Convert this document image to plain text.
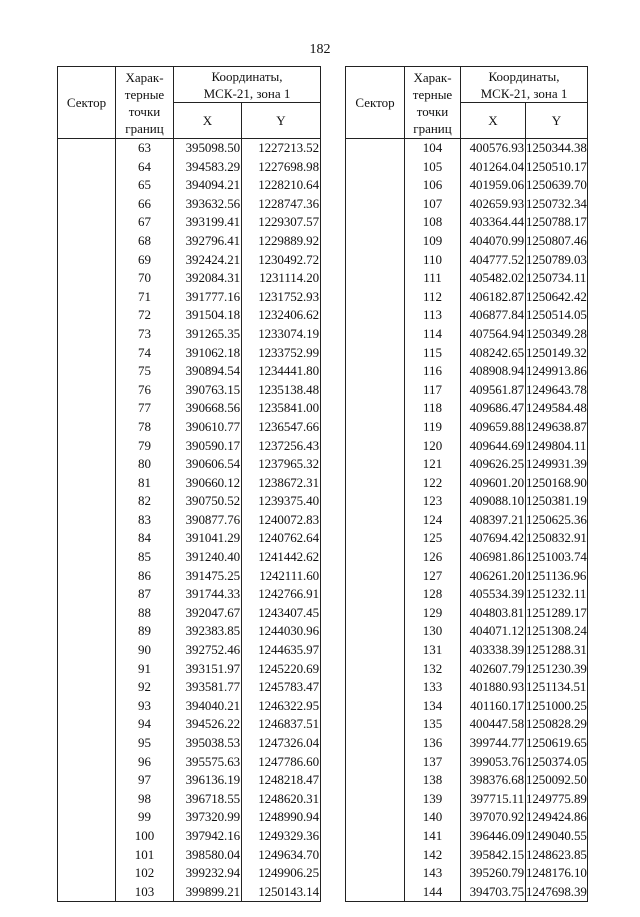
182
Сектор	Харак-
терные
точки
границ	Координаты,
МСК-21, зона 1	
		X	Y
	63	395098.50	1227213.52
	64	394583.29	1227698.98
	65	394094.21	1228210.64
	66	393632.56	1228747.36
	67	393199.41	1229307.57
	68	392796.41	1229889.92
	69	392424.21	1230492.72
	70	392084.31	1231114.20
	71	391777.16	1231752.93
	72	391504.18	1232406.62
	73	391265.35	1233074.19
	74	391062.18	1233752.99
	75	390894.54	1234441.80
	76	390763.15	1235138.48
	77	390668.56	1235841.00
	78	390610.77	1236547.66
	79	390590.17	1237256.43
	80	390606.54	1237965.32
	81	390660.12	1238672.31
	82	390750.52	1239375.40
	83	390877.76	1240072.83
	84	391041.29	1240762.64
	85	391240.40	1241442.62
	86	391475.25	1242111.60
	87	391744.33	1242766.91
	88	392047.67	1243407.45
	89	392383.85	1244030.96
	90	392752.46	1244635.97
	91	393151.97	1245220.69
	92	393581.77	1245783.47
	93	394040.21	1246322.95
	94	394526.22	1246837.51
	95	395038.53	1247326.04
	96	395575.63	1247786.60
	97	396136.19	1248218.47
	98	396718.55	1248620.31
	99	397320.99	1248990.94
	100	397942.16	1249329.36
	101	398580.04	1249634.70
	102	399232.94	1249906.25
	103	399899.21	1250143.14
Сектор	Харак-
терные
точки
границ	Координаты,
МСК-21, зона 1	
		X	Y
	104	400576.93	1250344.38
	105	401264.04	1250510.17
	106	401959.06	1250639.70
	107	402659.93	1250732.34
	108	403364.44	1250788.17
	109	404070.99	1250807.46
	110	404777.52	1250789.03
	111	405482.02	1250734.11
	112	406182.87	1250642.42
	113	406877.84	1250514.05
	114	407564.94	1250349.28
	115	408242.65	1250149.32
	116	408908.94	1249913.86
	117	409561.87	1249643.78
	118	409686.47	1249584.48
	119	409659.88	1249638.87
	120	409644.69	1249804.11
	121	409626.25	1249931.39
	122	409601.20	1250168.90
	123	409088.10	1250381.19
	124	408397.21	1250625.36
	125	407694.42	1250832.91
	126	406981.86	1251003.74
	127	406261.20	1251136.96
	128	405534.39	1251232.11
	129	404803.81	1251289.17
	130	404071.12	1251308.24
	131	403338.39	1251288.31
	132	402607.79	1251230.39
	133	401880.93	1251134.51
	134	401160.17	1251000.25
	135	400447.58	1250828.29
	136	399744.77	1250619.65
	137	399053.76	1250374.05
	138	398376.68	1250092.50
	139	397715.11	1249775.89
	140	397070.92	1249424.86
	141	396446.09	1249040.55
	142	395842.15	1248623.85
	143	395260.79	1248176.10
	144	394703.75	1247698.39
